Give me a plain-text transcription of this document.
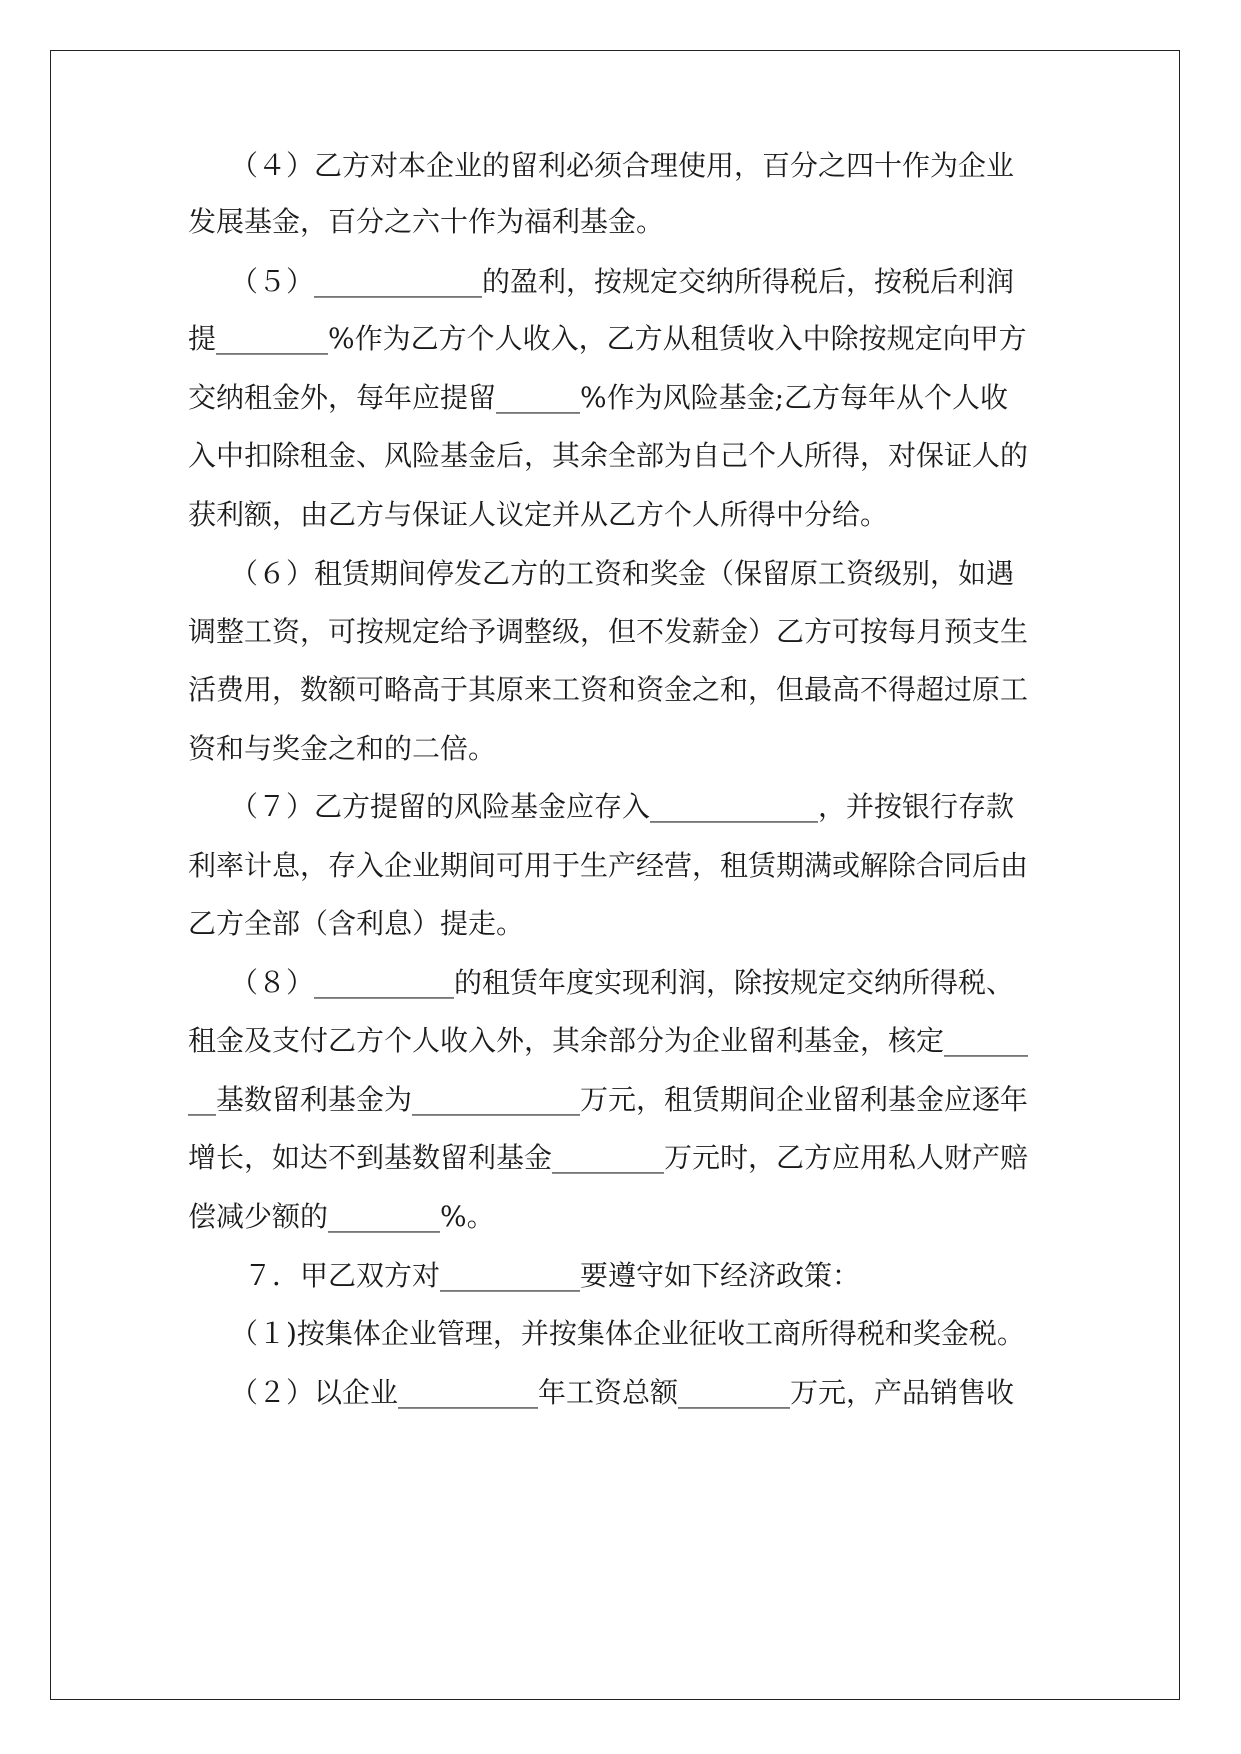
　　（４）乙方对本企业的留利必须合理使用，百分之四十作为企业
发展基金，百分之六十作为福利基金。
　　（５）____________的盈利，按规定交纳所得税后，按税后利润
提________%作为乙方个人收入，乙方从租赁收入中除按规定向甲方
交纳租金外，每年应提留______%作为风险基金;乙方每年从个人收
入中扣除租金、风险基金后，其余全部为自己个人所得，对保证人的
获利额，由乙方与保证人议定并从乙方个人所得中分给。
　　（６）租赁期间停发乙方的工资和奖金（保留原工资级别，如遇
调整工资，可按规定给予调整级，但不发薪金）乙方可按每月预支生
活费用，数额可略高于其原来工资和资金之和，但最高不得超过原工
资和与奖金之和的二倍。
　　（７）乙方提留的风险基金应存入____________，并按银行存款
利率计息，存入企业期间可用于生产经营，租赁期满或解除合同后由
乙方全部（含利息）提走。
　　（８）__________的租赁年度实现利润，除按规定交纳所得税、
租金及支付乙方个人收入外，其余部分为企业留利基金，核定______
__基数留利基金为____________万元，租赁期间企业留利基金应逐年
增长，如达不到基数留利基金________万元时，乙方应用私人财产赔
偿减少额的________%。
　　７．甲乙双方对__________要遵守如下经济政策：
　　（１)按集体企业管理，并按集体企业征收工商所得税和奖金税。
　　（２）以企业__________年工资总额________万元，产品销售收
